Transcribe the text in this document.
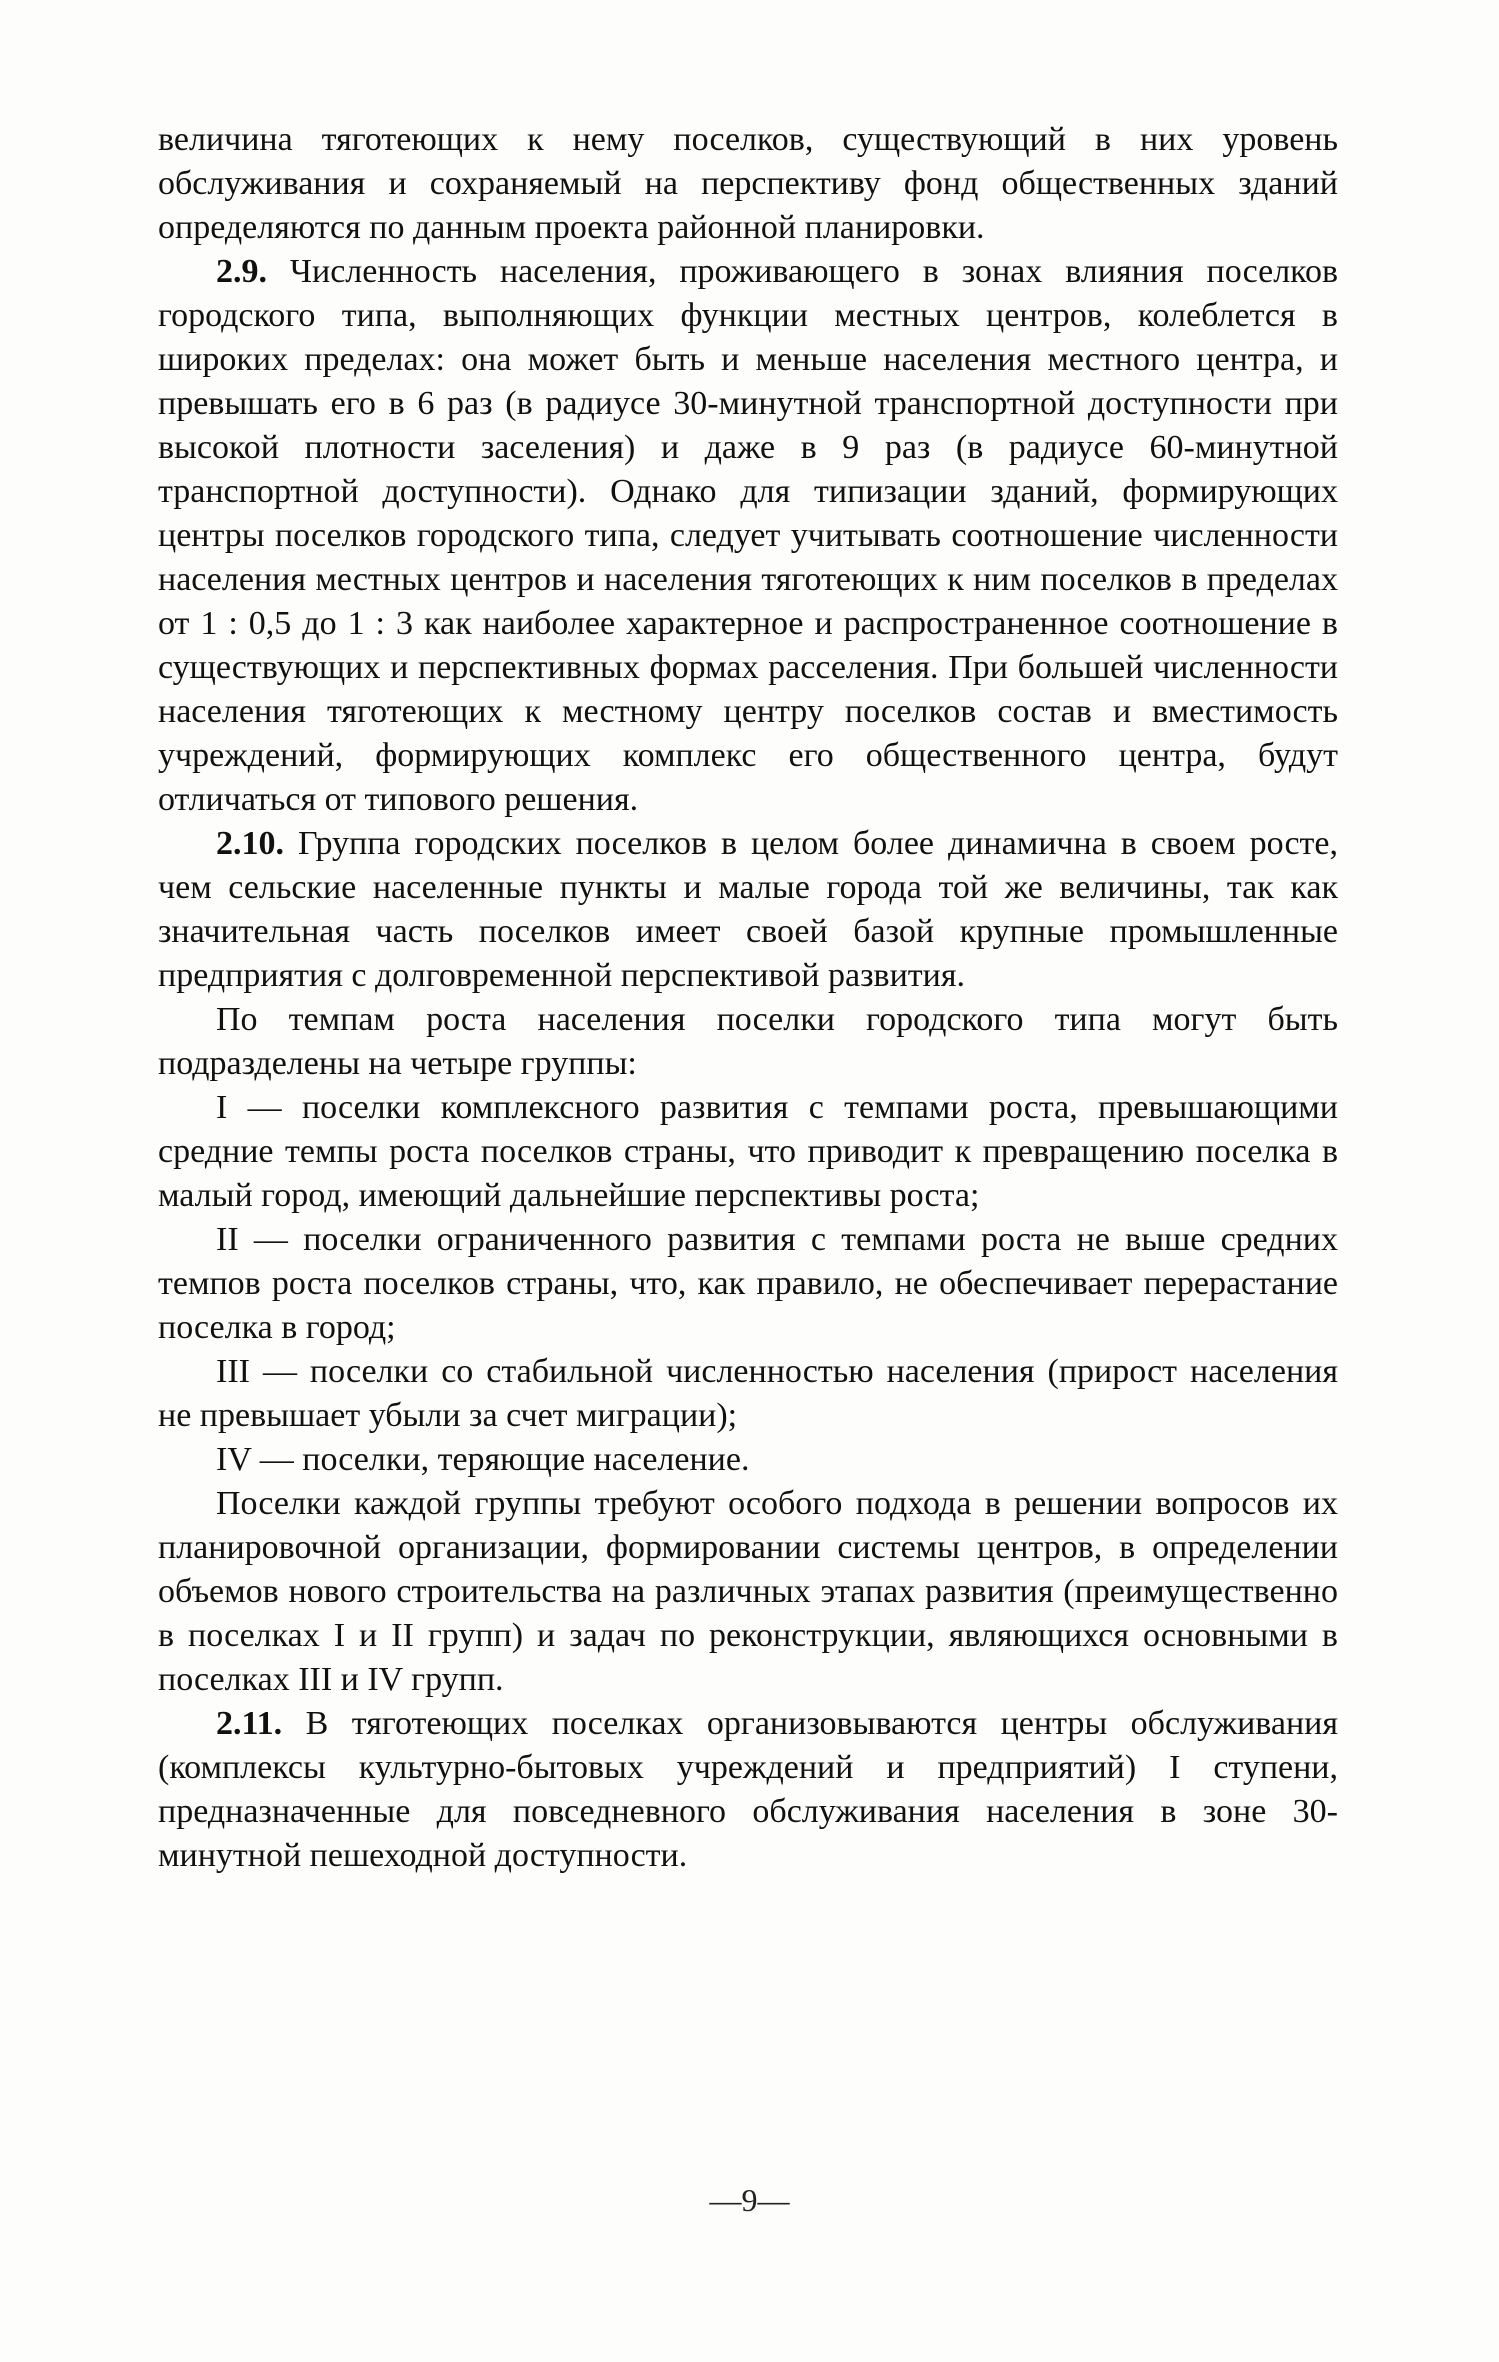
величина тяготеющих к нему поселков, существующий в них уровень обслуживания и сохраняемый на перспективу фонд общественных зданий определяются по данным проекта районной планировки.

2.9. Численность населения, проживающего в зонах влияния поселков городского типа, выполняющих функции местных центров, колеблется в широких пределах: она может быть и меньше населения местного центра, и превышать его в 6 раз (в радиусе 30-минутной транспортной доступности при высокой плотности заселения) и даже в 9 раз (в радиусе 60-минутной транспортной доступности). Однако для типизации зданий, формирующих центры поселков городского типа, следует учитывать соотношение численности населения местных центров и населения тяготеющих к ним поселков в пределах от 1 : 0,5 до 1 : 3 как наиболее характерное и распространенное соотношение в существующих и перспективных формах расселения. При большей численности населения тяготеющих к местному центру поселков состав и вместимость учреждений, формирующих комплекс его общественного центра, будут отличаться от типового решения.

2.10. Группа городских поселков в целом более динамична в своем росте, чем сельские населенные пункты и малые города той же величины, так как значительная часть поселков имеет своей базой крупные промышленные предприятия с долговременной перспективой развития.

По темпам роста населения поселки городского типа могут быть подразделены на четыре группы:

I — поселки комплексного развития с темпами роста, превышающими средние темпы роста поселков страны, что приводит к превращению поселка в малый город, имеющий дальнейшие перспективы роста;

II — поселки ограниченного развития с темпами роста не выше средних темпов роста поселков страны, что, как правило, не обеспечивает перерастание поселка в город;

III — поселки со стабильной численностью населения (прирост населения не превышает убыли за счет миграции);

IV — поселки, теряющие население.

Поселки каждой группы требуют особого подхода в решении вопросов их планировочной организации, формировании системы центров, в определении объемов нового строительства на различных этапах развития (преимущественно в поселках I и II групп) и задач по реконструкции, являющихся основными в поселках III и IV групп.

2.11. В тяготеющих поселках организовываются центры обслуживания (комплексы культурно-бытовых учреждений и предприятий) I ступени, предназначенные для повседневного обслуживания населения в зоне 30-минутной пешеходной доступности.

—9—
